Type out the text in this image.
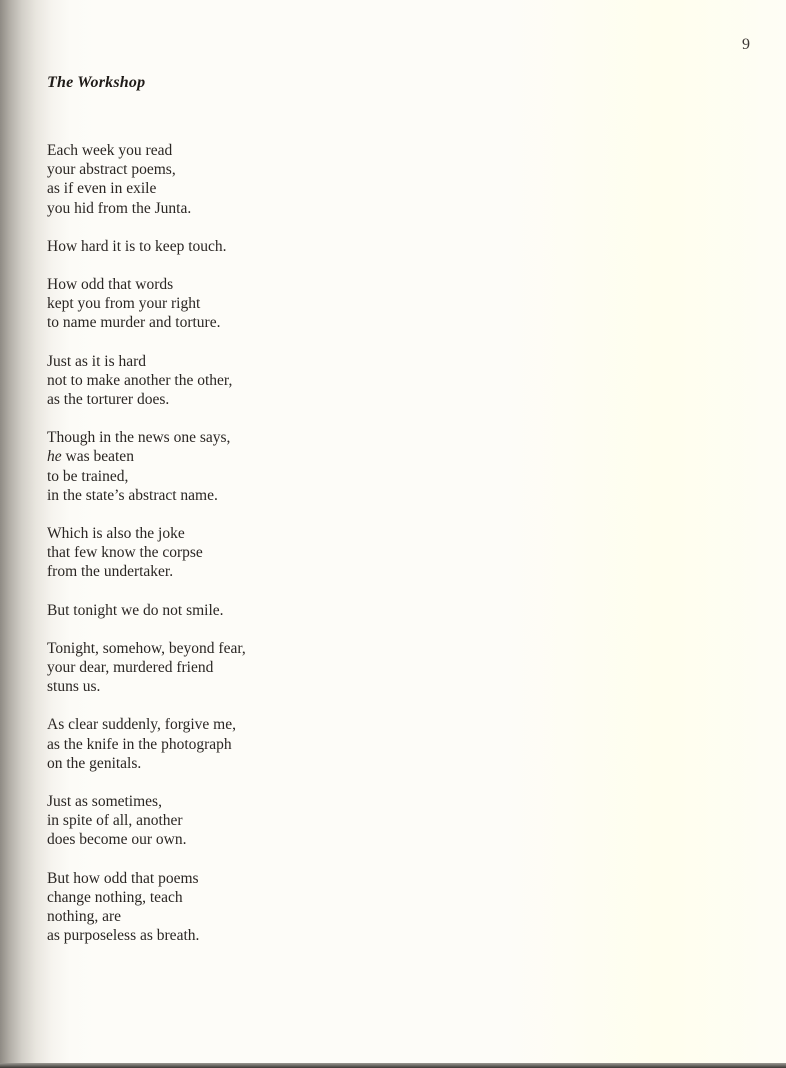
9
The Workshop
Each week you read
your abstract poems,
as if even in exile
you hid from the Junta.
How hard it is to keep touch.
How odd that words
kept you from your right
to name murder and torture.
Just as it is hard
not to make another the other,
as the torturer does.
Though in the news one says,
he was beaten
to be trained,
in the state’s abstract name.
Which is also the joke
that few know the corpse
from the undertaker.
But tonight we do not smile.
Tonight, somehow, beyond fear,
your dear, murdered friend
stuns us.
As clear suddenly, forgive me,
as the knife in the photograph
on the genitals.
Just as sometimes,
in spite of all, another
does become our own.
But how odd that poems
change nothing, teach
nothing, are
as purposeless as breath.
